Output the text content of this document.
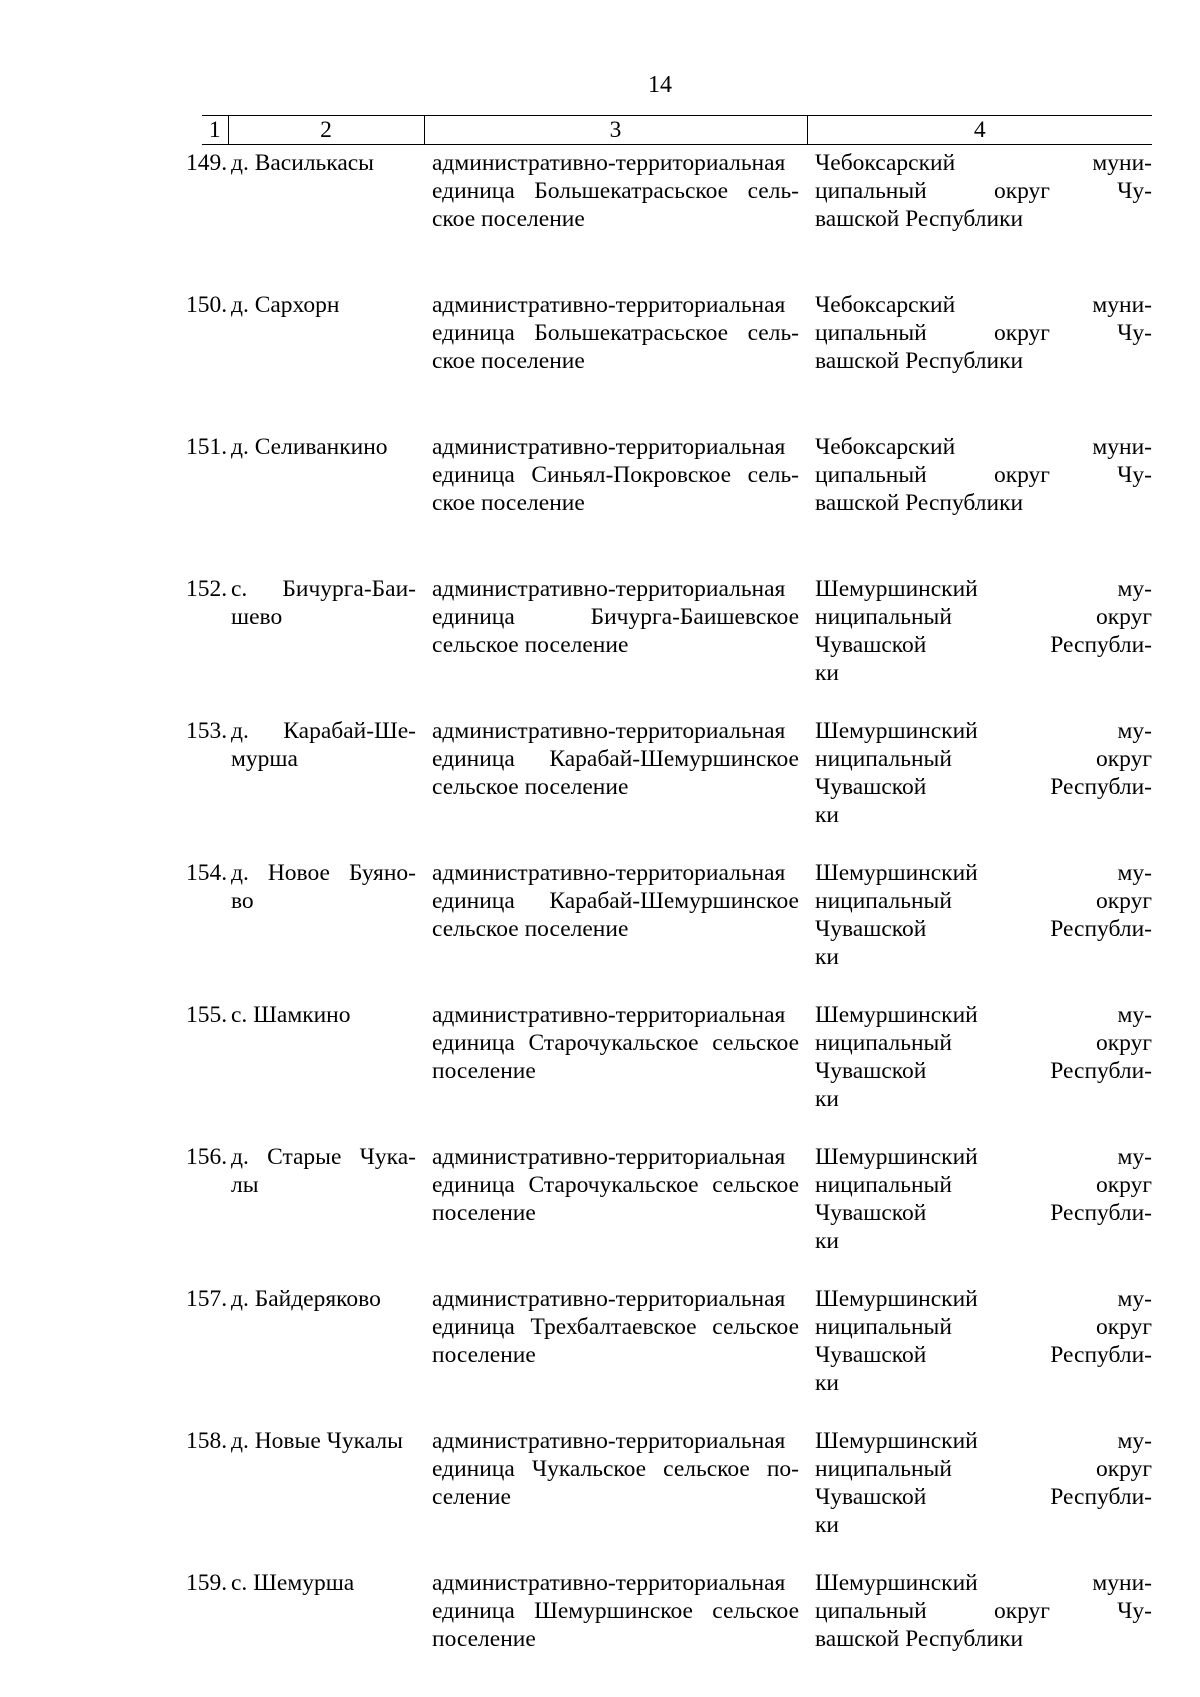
14
1	2	3	4

149.	д. Василькасы	административно-территориальная
единица Большекатрасьское сель-
ское поселение	Чебоксарский муни-
ципальный округ Чу-
вашской Республики

150.	д. Сархорн	административно-территориальная
единица Большекатрасьское сель-
ское поселение	Чебоксарский муни-
ципальный округ Чу-
вашской Республики

151.	д. Селиванкино	административно-территориальная
единица Синьял-Покровское сель-
ское поселение	Чебоксарский муни-
ципальный округ Чу-
вашской Республики

152.	с. Бичурга-Баи-
шево	административно-территориальная
единица Бичурга-Баишевское
сельское поселение	Шемуршинский му-
ниципальный округ
Чувашской Республи-
ки

153.	д. Карабай-Ше-
мурша	административно-территориальная
единица Карабай-Шемуршинское
сельское поселение	Шемуршинский му-
ниципальный округ
Чувашской Республи-
ки

154.	д. Новое Буяно-
во	административно-территориальная
единица Карабай-Шемуршинское
сельское поселение	Шемуршинский му-
ниципальный округ
Чувашской Республи-
ки

155.	с. Шамкино	административно-территориальная
единица Старочукальское сельское
поселение	Шемуршинский му-
ниципальный округ
Чувашской Республи-
ки

156.	д. Старые Чука-
лы	административно-территориальная
единица Старочукальское сельское
поселение	Шемуршинский му-
ниципальный округ
Чувашской Республи-
ки

157.	д. Байдеряково	административно-территориальная
единица Трехбалтаевское сельское
поселение	Шемуршинский му-
ниципальный округ
Чувашской Республи-
ки

158.	д. Новые Чукалы	административно-территориальная
единица Чукальское сельское по-
селение	Шемуршинский му-
ниципальный округ
Чувашской Республи-
ки

159.	с. Шемурша	административно-территориальная
единица Шемуршинское сельское
поселение	Шемуршинский муни-
ципальный округ Чу-
вашской Республики
